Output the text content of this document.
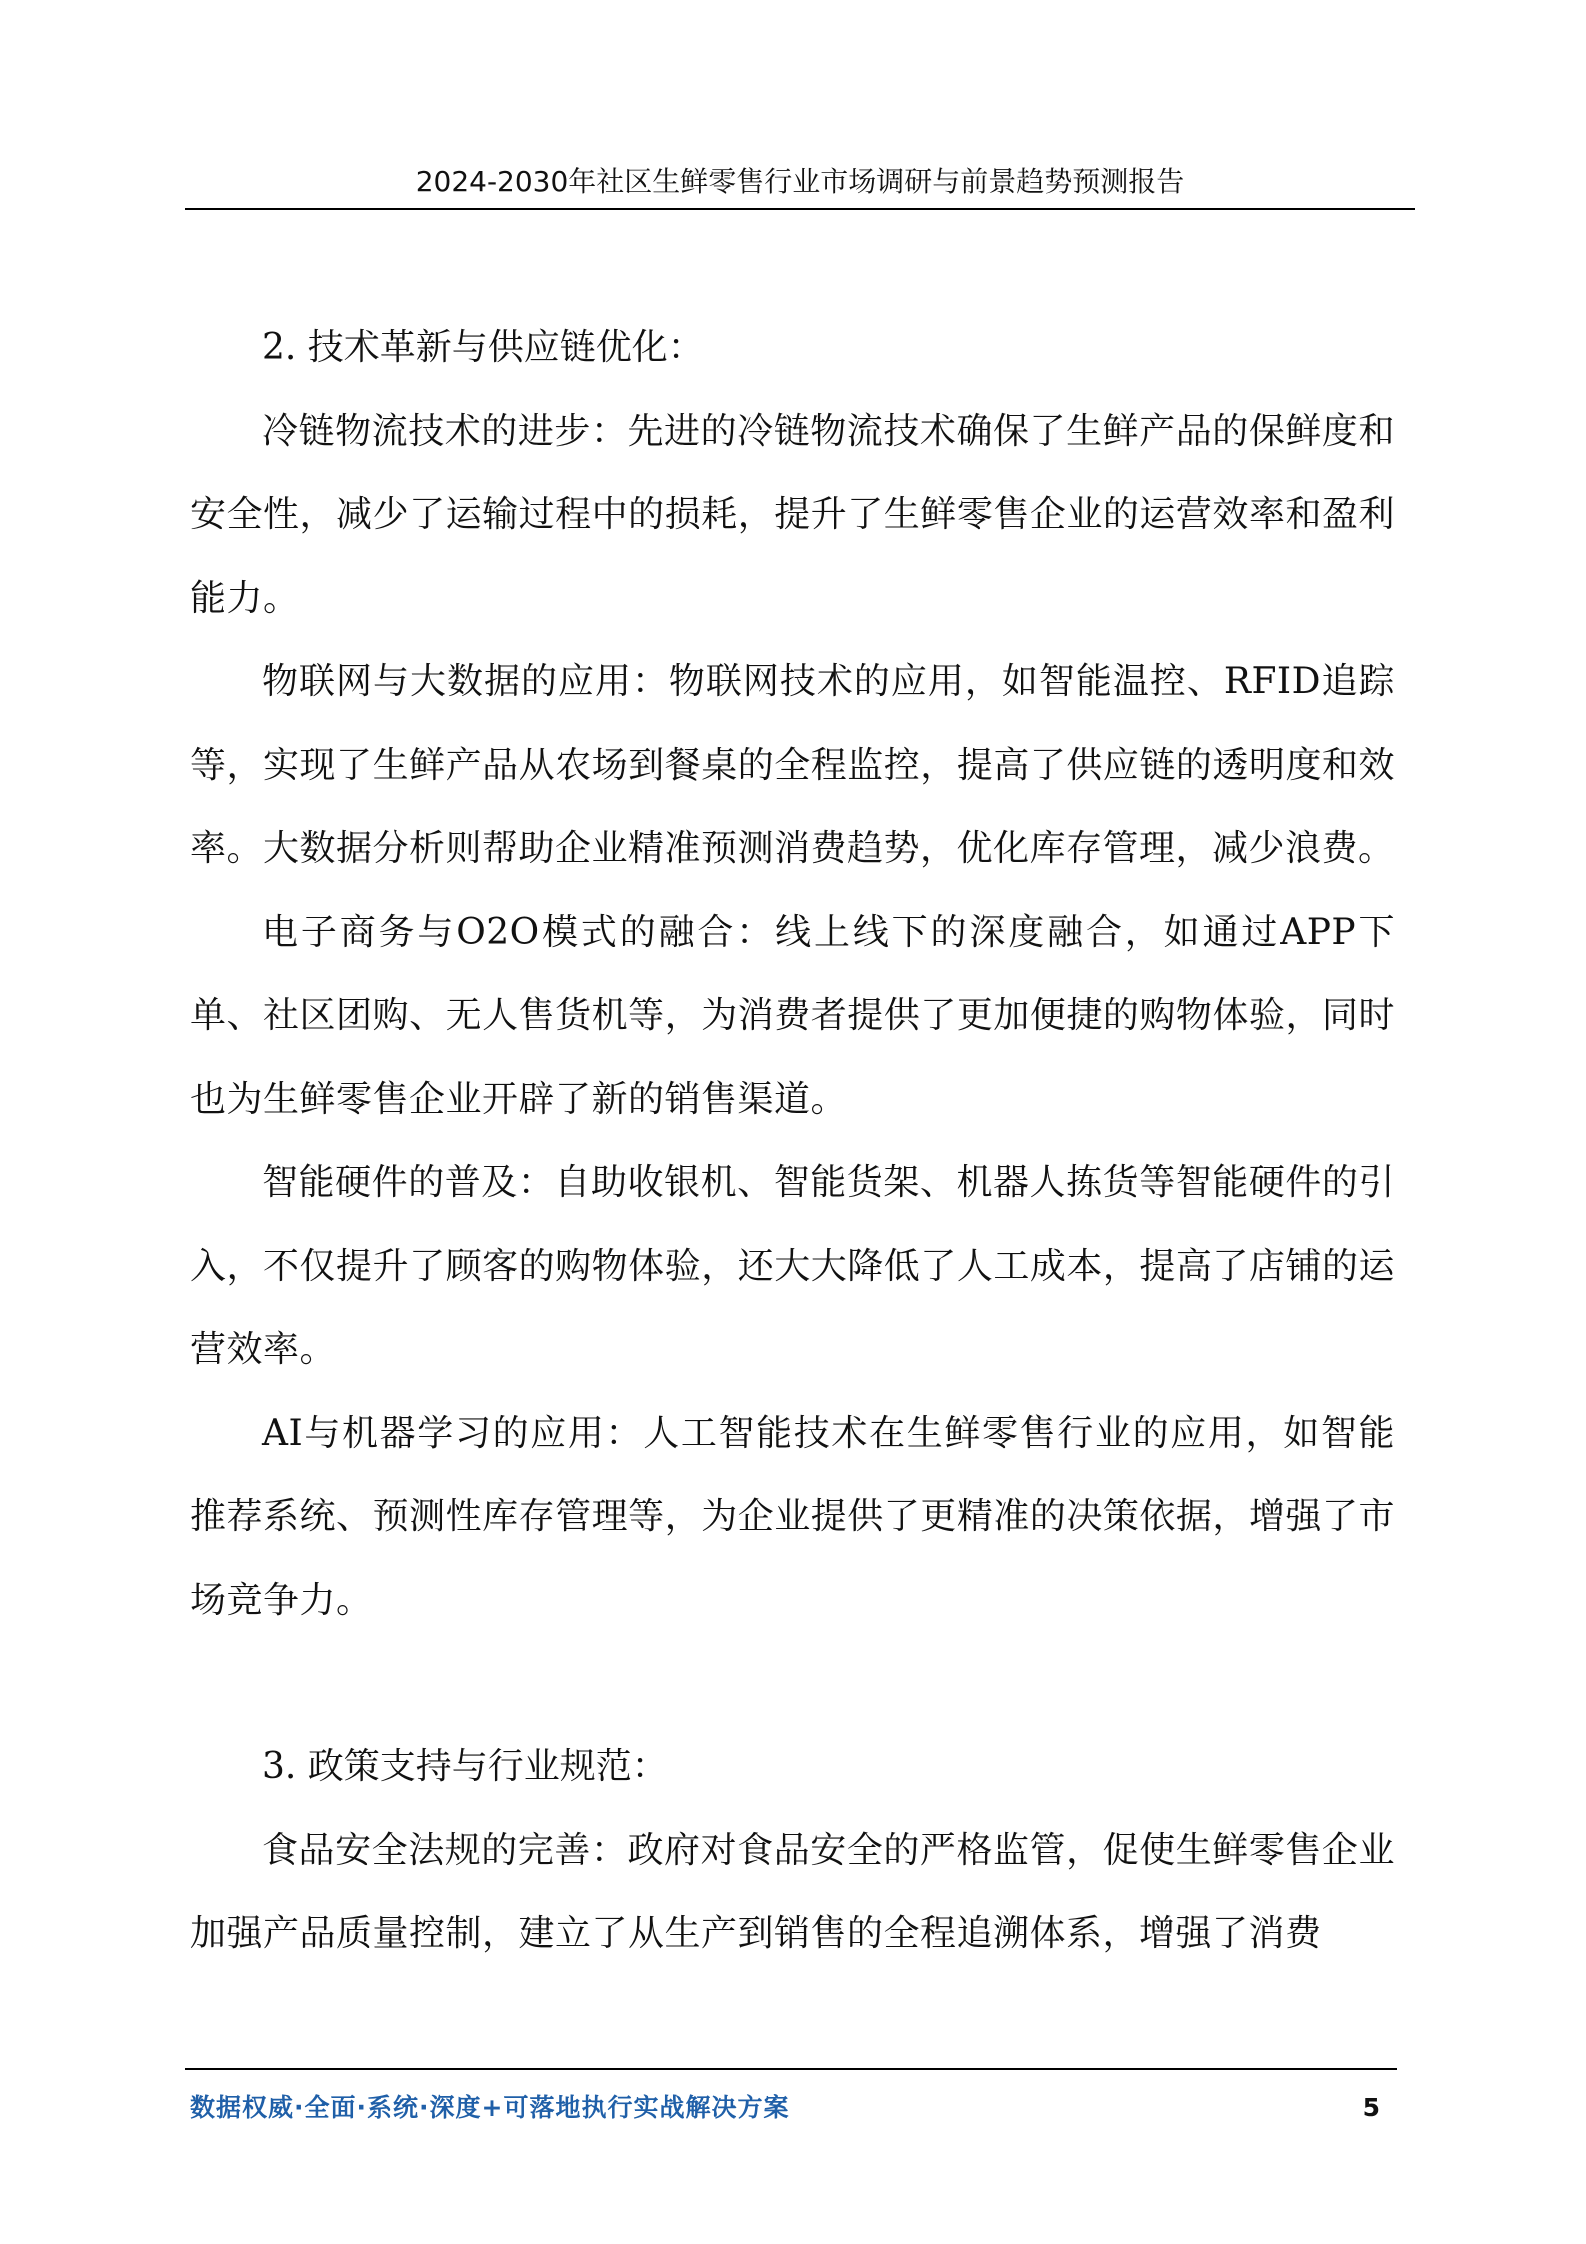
2024-2030年社区生鲜零售行业市场调研与前景趋势预测报告

2. 技术革新与供应链优化：

冷链物流技术的进步：先进的冷链物流技术确保了生鲜产品的保鲜度和安全性，减少了运输过程中的损耗，提升了生鲜零售企业的运营效率和盈利能力。

物联网与大数据的应用：物联网技术的应用，如智能温控、RFID追踪等，实现了生鲜产品从农场到餐桌的全程监控，提高了供应链的透明度和效率。大数据分析则帮助企业精准预测消费趋势，优化库存管理，减少浪费。

电子商务与O2O模式的融合：线上线下的深度融合，如通过APP下单、社区团购、无人售货机等，为消费者提供了更加便捷的购物体验，同时也为生鲜零售企业开辟了新的销售渠道。

智能硬件的普及：自助收银机、智能货架、机器人拣货等智能硬件的引入，不仅提升了顾客的购物体验，还大大降低了人工成本，提高了店铺的运营效率。

AI与机器学习的应用：人工智能技术在生鲜零售行业的应用，如智能推荐系统、预测性库存管理等，为企业提供了更精准的决策依据，增强了市场竞争力。

3. 政策支持与行业规范：

食品安全法规的完善：政府对食品安全的严格监管，促使生鲜零售企业加强产品质量控制，建立了从生产到销售的全程追溯体系，增强了消费

数据权威·全面·系统·深度+可落地执行实战解决方案	5
